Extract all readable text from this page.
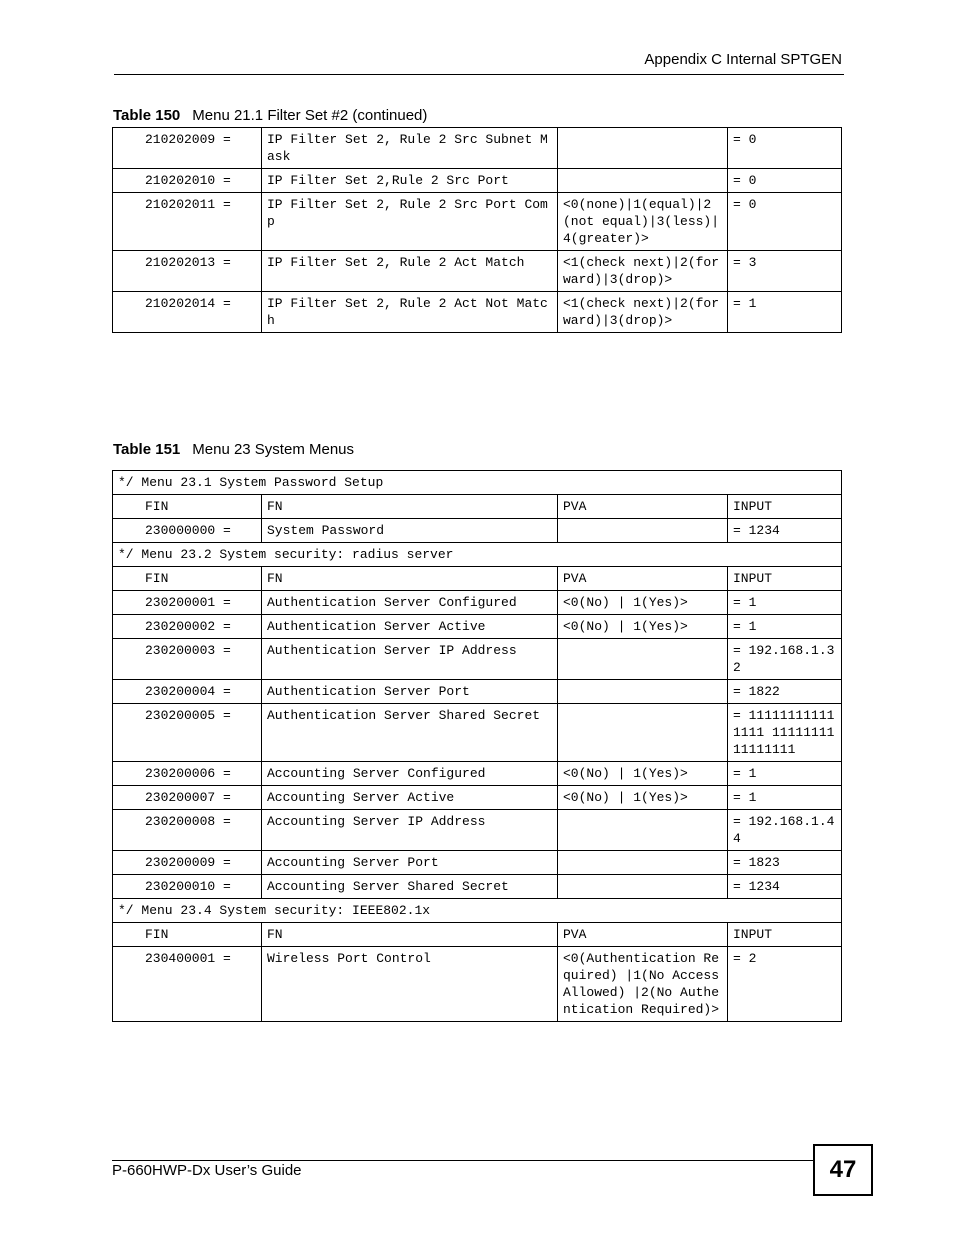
Appendix C Internal SPTGEN
Table 150 Menu 21.1 Filter Set #2 (continued)
210202009 =	IP Filter Set 2, Rule 2 Src Subnet Mask		= 0
210202010 =	IP Filter Set 2,Rule 2 Src Port		= 0
210202011 =	IP Filter Set 2, Rule 2 Src Port Comp	<0(none)|1(equal)|2(not equal)|3(less)|4(greater)>	= 0
210202013 =	IP Filter Set 2, Rule 2 Act Match	<1(check next)|2(forward)|3(drop)>	= 3
210202014 =	IP Filter Set 2, Rule 2 Act Not Match	<1(check next)|2(forward)|3(drop)>	= 1
Table 151 Menu 23 System Menus
*/ Menu 23.1 System Password Setup			
FIN	FN	PVA	INPUT
230000000 =	System Password		= 1234
*/ Menu 23.2 System security: radius server			
FIN	FN	PVA	INPUT
230200001 =	Authentication Server Configured	<0(No) | 1(Yes)>	= 1
230200002 =	Authentication Server Active	<0(No) | 1(Yes)>	= 1
230200003 =	Authentication Server IP Address		= 192.168.1.32
230200004 =	Authentication Server Port		= 1822
230200005 =	Authentication Server Shared Secret		= 111111111111111 1111111111111111
230200006 =	Accounting Server Configured	<0(No) | 1(Yes)>	= 1
230200007 =	Accounting Server Active	<0(No) | 1(Yes)>	= 1
230200008 =	Accounting Server IP Address		= 192.168.1.44
230200009 =	Accounting Server Port		= 1823
230200010 =	Accounting Server Shared Secret		= 1234
*/ Menu 23.4 System security: IEEE802.1x			
FIN	FN	PVA	INPUT
230400001 =	Wireless Port Control	<0(Authentication Required) |1(No Access Allowed) |2(No Authentication Required)>	= 2
P-660HWP-Dx User’s Guide	47
